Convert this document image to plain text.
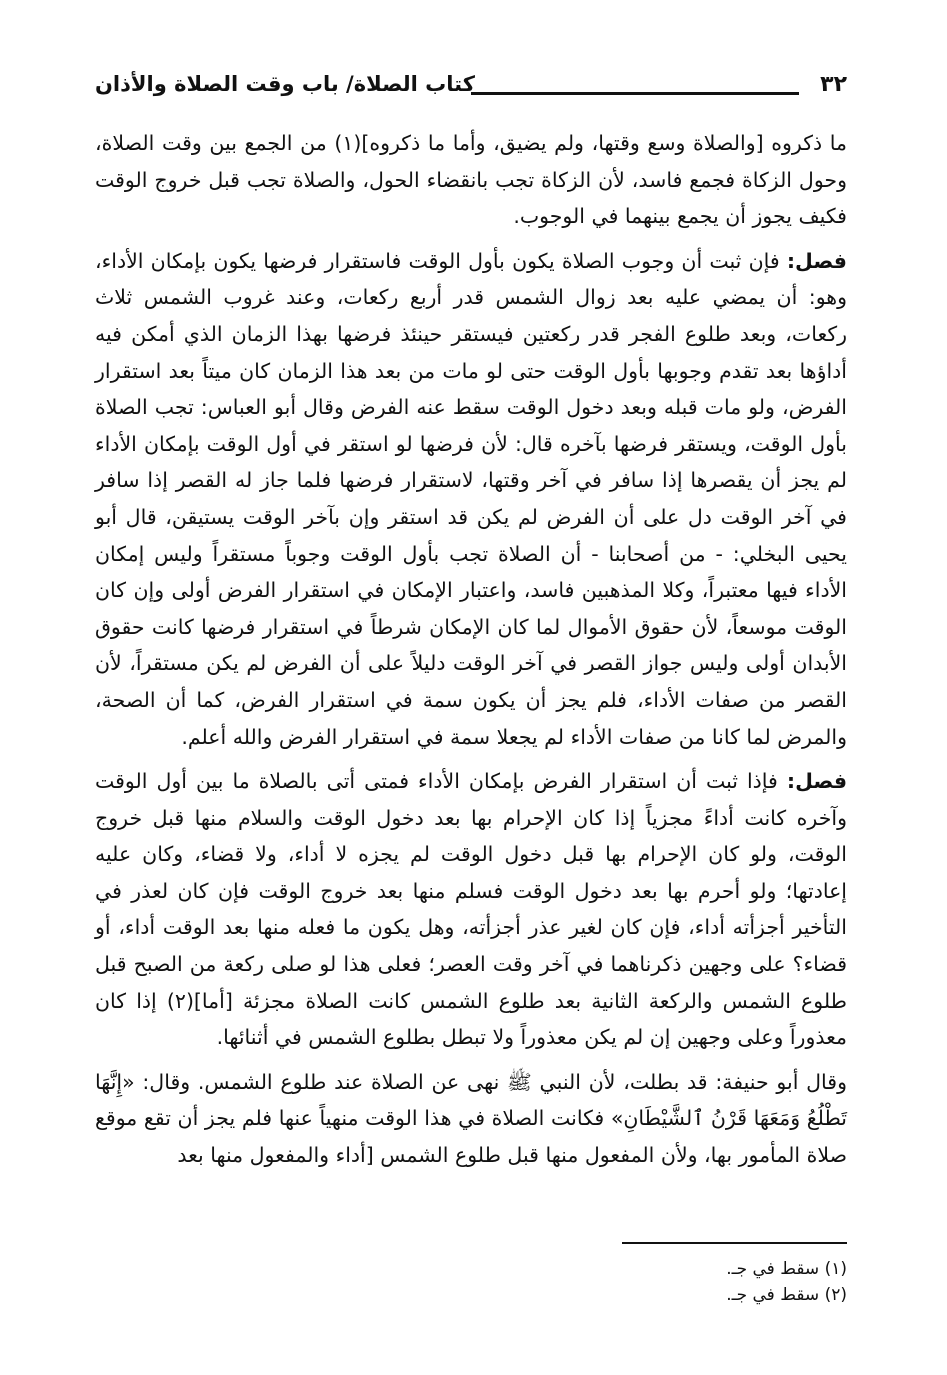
٣٢
كتاب الصلاة/ باب وقت الصلاة والأذان

ما ذكروه [والصلاة وسع وقتها، ولم يضيق، وأما ما ذكروه](١) من الجمع بين وقت الصلاة، وحول الزكاة فجمع فاسد، لأن الزكاة تجب بانقضاء الحول، والصلاة تجب قبل خروج الوقت فكيف يجوز أن يجمع بينهما في الوجوب.

فصل: فإن ثبت أن وجوب الصلاة يكون بأول الوقت فاستقرار فرضها يكون بإمكان الأداء، وهو: أن يمضي عليه بعد زوال الشمس قدر أربع ركعات، وعند غروب الشمس ثلاث ركعات، وبعد طلوع الفجر قدر ركعتين فيستقر حينئذ فرضها بهذا الزمان الذي أمكن فيه أداؤها بعد تقدم وجوبها بأول الوقت حتى لو مات من بعد هذا الزمان كان ميتاً بعد استقرار الفرض، ولو مات قبله وبعد دخول الوقت سقط عنه الفرض وقال أبو العباس: تجب الصلاة بأول الوقت، ويستقر فرضها بآخره قال: لأن فرضها لو استقر في أول الوقت بإمكان الأداء لم يجز أن يقصرها إذا سافر في آخر وقتها، لاستقرار فرضها فلما جاز له القصر إذا سافر في آخر الوقت دل على أن الفرض لم يكن قد استقر وإن بآخر الوقت يستيقن، قال أبو يحيى البخلي: - من أصحابنا - أن الصلاة تجب بأول الوقت وجوباً مستقراً وليس إمكان الأداء فيها معتبراً، وكلا المذهبين فاسد، واعتبار الإمكان في استقرار الفرض أولى وإن كان الوقت موسعاً، لأن حقوق الأموال لما كان الإمكان شرطاً في استقرار فرضها كانت حقوق الأبدان أولى وليس جواز القصر في آخر الوقت دليلاً على أن الفرض لم يكن مستقراً، لأن القصر من صفات الأداء، فلم يجز أن يكون سمة في استقرار الفرض، كما أن الصحة، والمرض لما كانا من صفات الأداء لم يجعلا سمة في استقرار الفرض والله أعلم.

فصل: فإذا ثبت أن استقرار الفرض بإمكان الأداء فمتى أتى بالصلاة ما بين أول الوقت وآخره كانت أداءً مجزياً إذا كان الإحرام بها بعد دخول الوقت والسلام منها قبل خروج الوقت، ولو كان الإحرام بها قبل دخول الوقت لم يجزه لا أداء، ولا قضاء، وكان عليه إعادتها؛ ولو أحرم بها بعد دخول الوقت فسلم منها بعد خروج الوقت فإن كان لعذر في التأخير أجزأته أداء، فإن كان لغير عذر أجزأته، وهل يكون ما فعله منها بعد الوقت أداء، أو قضاء؟ على وجهين ذكرناهما في آخر وقت العصر؛ فعلى هذا لو صلى ركعة من الصبح قبل طلوع الشمس والركعة الثانية بعد طلوع الشمس كانت الصلاة مجزئة [أما](٢) إذا كان معذوراً وعلى وجهين إن لم يكن معذوراً ولا تبطل بطلوع الشمس في أثنائها.

وقال أبو حنيفة: قد بطلت، لأن النبي ﷺ نهى عن الصلاة عند طلوع الشمس. وقال: «إِنَّهَا تَطْلُعُ وَمَعَهَا قَرْنُ ٱلشَّيْطَانِ» فكانت الصلاة في هذا الوقت منهياً عنها فلم يجز أن تقع موقع صلاة المأمور بها، ولأن المفعول منها قبل طلوع الشمس [أداء والمفعول منها بعد

(١) سقط في جـ.
(٢) سقط في جـ.
